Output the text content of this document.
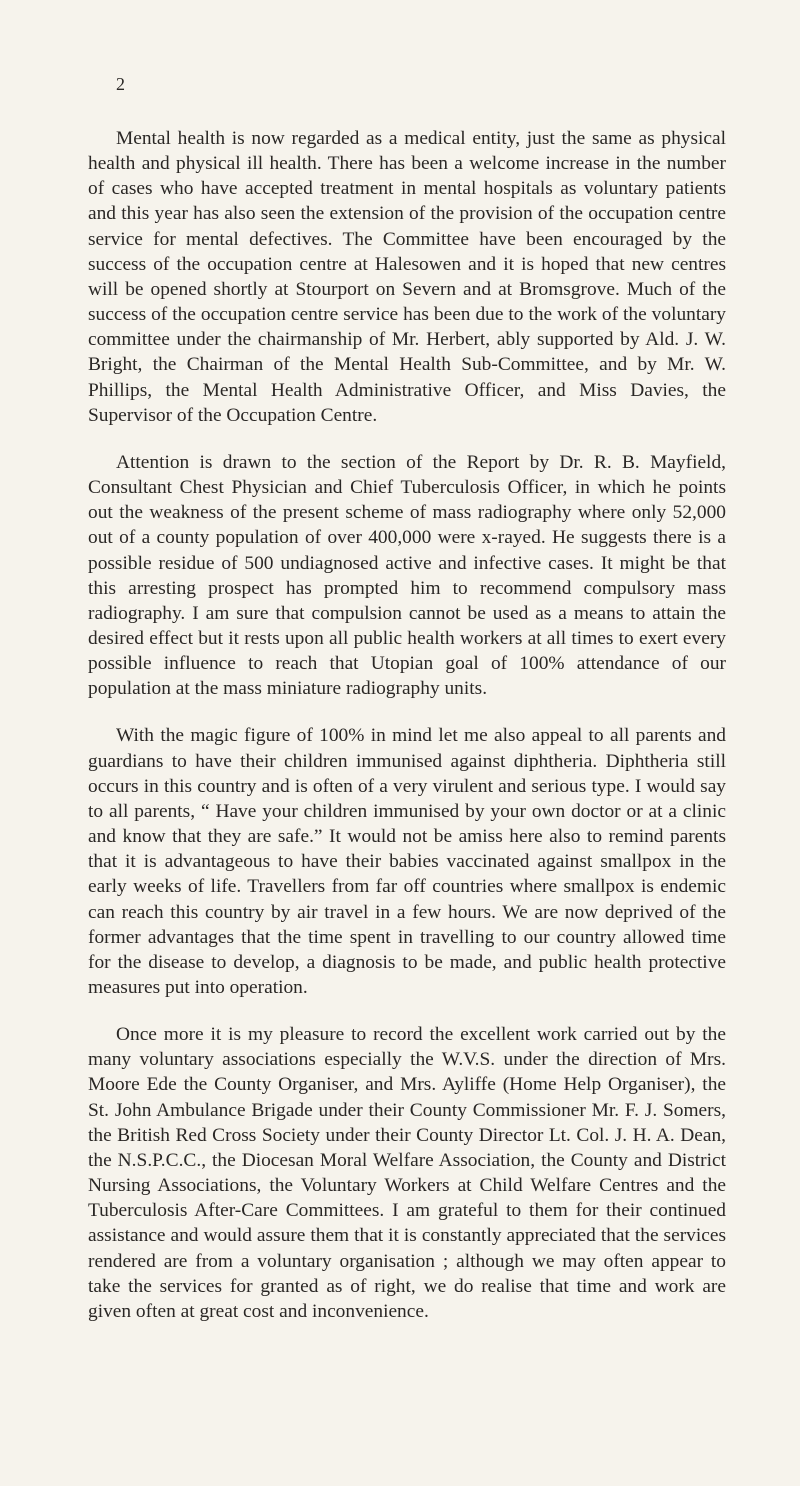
2

Mental health is now regarded as a medical entity, just the same as physical health and physical ill health. There has been a welcome increase in the number of cases who have accepted treatment in mental hospitals as voluntary patients and this year has also seen the extension of the provision of the occupation centre service for mental defectives. The Committee have been encouraged by the success of the occupation centre at Halesowen and it is hoped that new centres will be opened shortly at Stourport on Severn and at Bromsgrove. Much of the success of the occupation centre service has been due to the work of the voluntary committee under the chairmanship of Mr. Herbert, ably supported by Ald. J. W. Bright, the Chairman of the Mental Health Sub-Committee, and by Mr. W. Phillips, the Mental Health Administrative Officer, and Miss Davies, the Supervisor of the Occupation Centre.

Attention is drawn to the section of the Report by Dr. R. B. Mayfield, Consultant Chest Physician and Chief Tuberculosis Officer, in which he points out the weakness of the present scheme of mass radiography where only 52,000 out of a county population of over 400,000 were x-rayed. He suggests there is a possible residue of 500 undiagnosed active and infective cases. It might be that this arresting prospect has prompted him to recommend compulsory mass radiography. I am sure that compulsion cannot be used as a means to attain the desired effect but it rests upon all public health workers at all times to exert every possible influence to reach that Utopian goal of 100% attendance of our population at the mass miniature radiography units.

With the magic figure of 100% in mind let me also appeal to all parents and guardians to have their children immunised against diphtheria. Diphtheria still occurs in this country and is often of a very virulent and serious type. I would say to all parents, “ Have your children immunised by your own doctor or at a clinic and know that they are safe.” It would not be amiss here also to remind parents that it is advantageous to have their babies vaccinated against smallpox in the early weeks of life. Travellers from far off countries where smallpox is endemic can reach this country by air travel in a few hours. We are now deprived of the former advantages that the time spent in travelling to our country allowed time for the disease to develop, a diagnosis to be made, and public health protective measures put into operation.

Once more it is my pleasure to record the excellent work carried out by the many voluntary associations especially the W.V.S. under the direction of Mrs. Moore Ede the County Organiser, and Mrs. Ayliffe (Home Help Organiser), the St. John Ambulance Brigade under their County Commissioner Mr. F. J. Somers, the British Red Cross Society under their County Director Lt. Col. J. H. A. Dean, the N.S.P.C.C., the Diocesan Moral Welfare Association, the County and District Nursing Associations, the Voluntary Workers at Child Welfare Centres and the Tuberculosis After-Care Committees. I am grateful to them for their continued assistance and would assure them that it is constantly appreciated that the services rendered are from a voluntary organisation ; although we may often appear to take the services for granted as of right, we do realise that time and work are given often at great cost and inconvenience.
